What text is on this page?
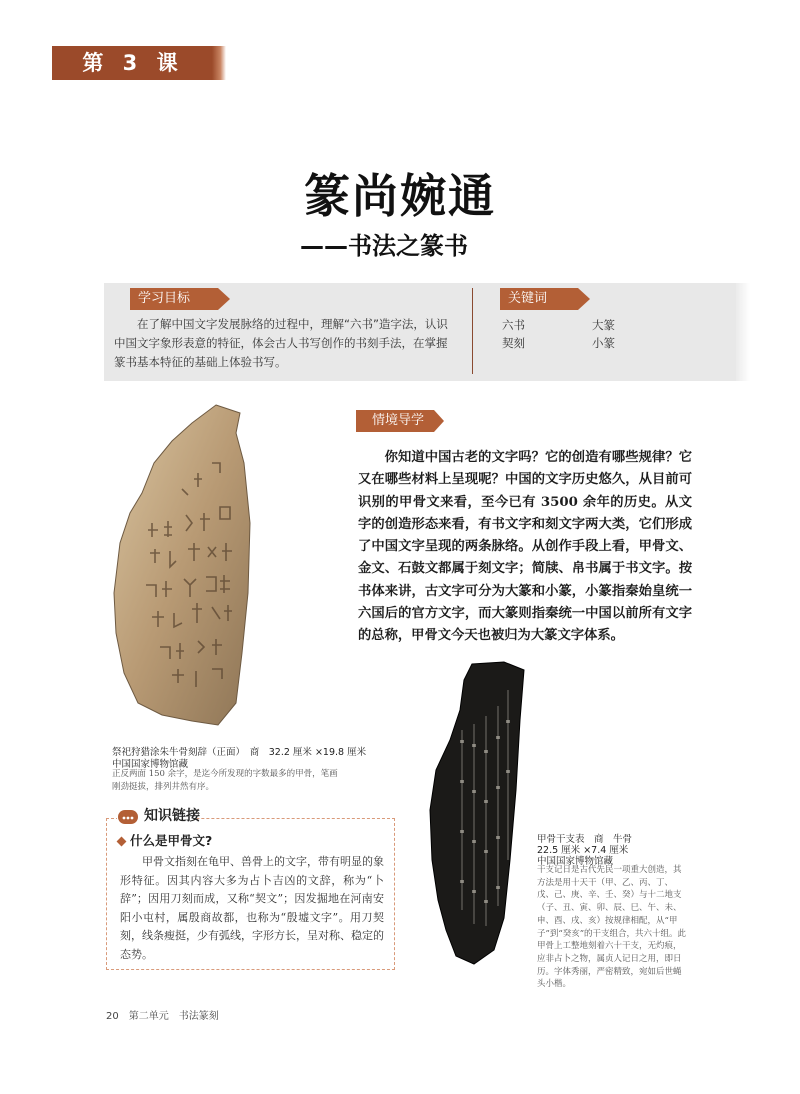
第 3 课
篆尚婉通
——书法之篆书
学习目标	关键词
在了解中国文字发展脉络的过程中，理解“六书”造字法，认识中国文字象形表意的特征，体会古人书写创作的书刻手法，在掌握篆书基本特征的基础上体验书写。
六书	大篆
契刻	小篆
祭祀狩猎涂朱牛骨刻辞（正面）　商　32.2 厘米 ×19.8 厘米
中国国家博物馆藏
正反两面 150 余字，是迄今所发现的字数最多的甲骨，笔画刚劲挺拔，排列井然有序。
情境导学
你知道中国古老的文字吗？它的创造有哪些规律？它又在哪些材料上呈现呢？中国的文字历史悠久，从目前可识别的甲骨文来看，至今已有 3500 余年的历史。从文字的创造形态来看，有书文字和刻文字两大类，它们形成了中国文字呈现的两条脉络。从创作手段上看，甲骨文、金文、石鼓文都属于刻文字；简牍、帛书属于书文字。按书体来讲，古文字可分为大篆和小篆，小篆指秦始皇统一六国后的官方文字，而大篆则指秦统一中国以前所有文字的总称，甲骨文今天也被归为大篆文字体系。
甲骨干支表　商　牛骨
22.5 厘米 ×7.4 厘米
中国国家博物馆藏
干支记日是古代先民一项重大创造，其方法是用十天干（甲、乙、丙、丁、戊、己、庚、辛、壬、癸）与十二地支（子、丑、寅、卯、辰、巳、午、未、申、酉、戌、亥）按规律相配，从“甲子”到“癸亥”的干支组合，共六十组。此甲骨上工整地刻着六十干支，无灼痕，应非占卜之物，属贞人记日之用，即日历。字体秀丽，严密精致，宛如后世蝇头小楷。
知识链接
什么是甲骨文?
甲骨文指刻在龟甲、兽骨上的文字，带有明显的象形特征。因其内容大多为占卜吉凶的文辞，称为“卜辞”；因用刀刻而成，又称“契文”；因发掘地在河南安阳小屯村，属殷商故都，也称为“殷墟文字”。用刀契刻，线条瘦挺，少有弧线，字形方长，呈对称、稳定的态势。
20 第二单元　书法篆刻
